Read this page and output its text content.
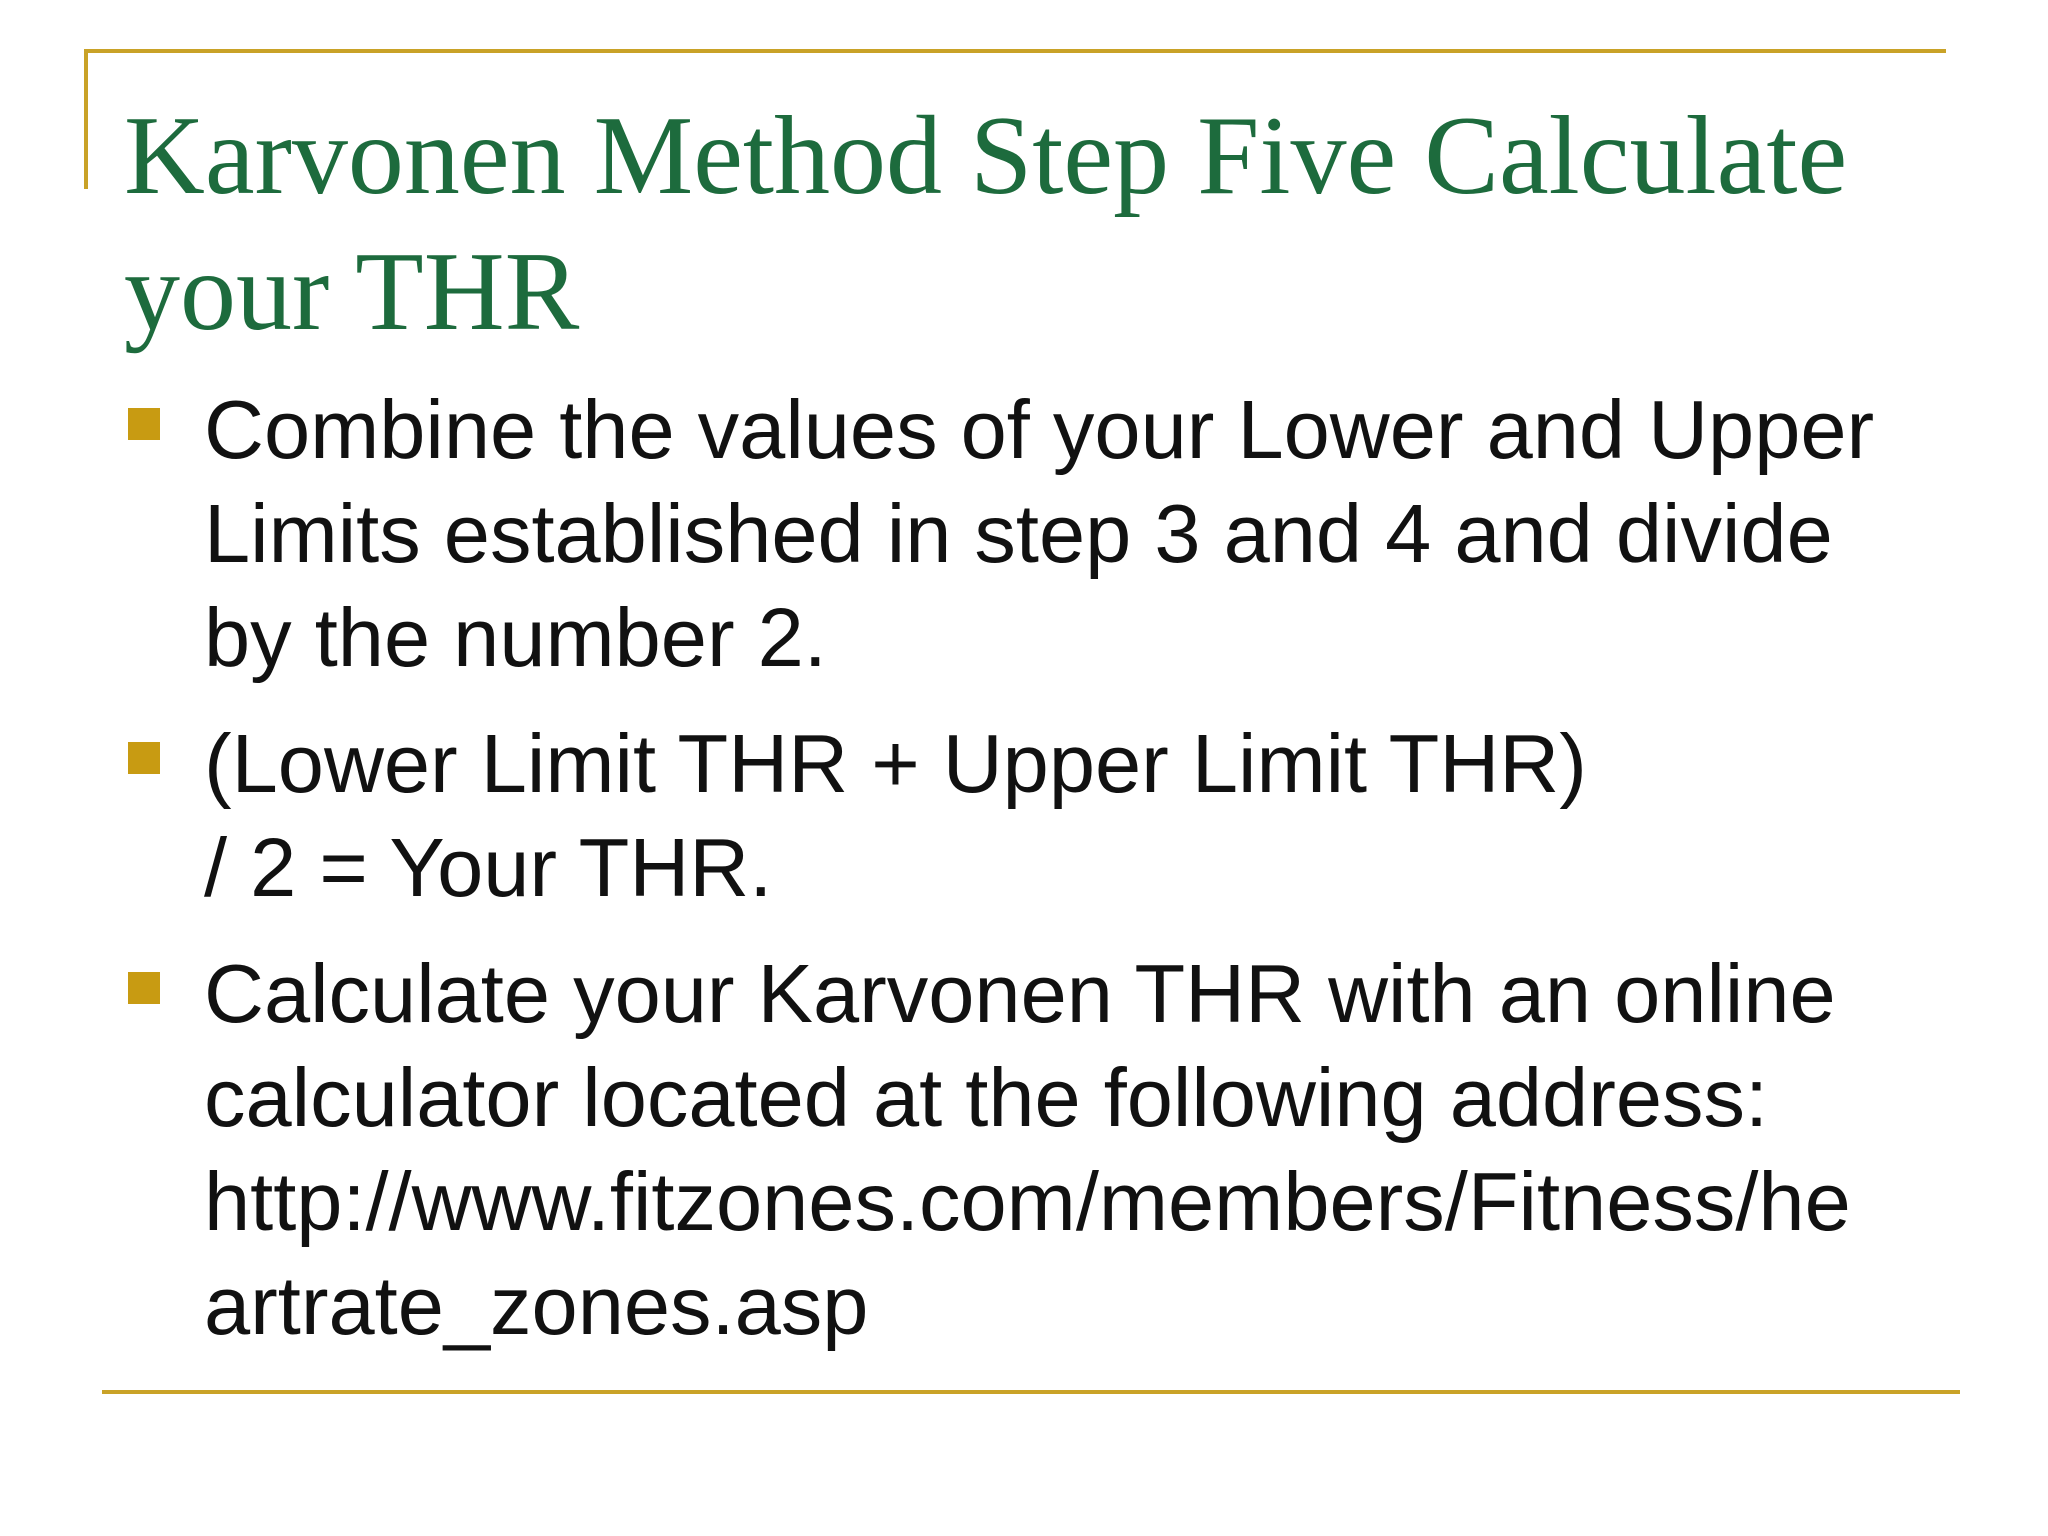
Karvonen Method Step Five Calculate
your THR
Combine the values of your Lower and Upper
Limits established in step 3 and 4 and divide
by the number 2.
(Lower Limit THR + Upper Limit THR)
/ 2 = Your THR.
Calculate your Karvonen THR with an online
calculator located at the following address:
http://www.fitzones.com/members/Fitness/he
artrate_zones.asp
